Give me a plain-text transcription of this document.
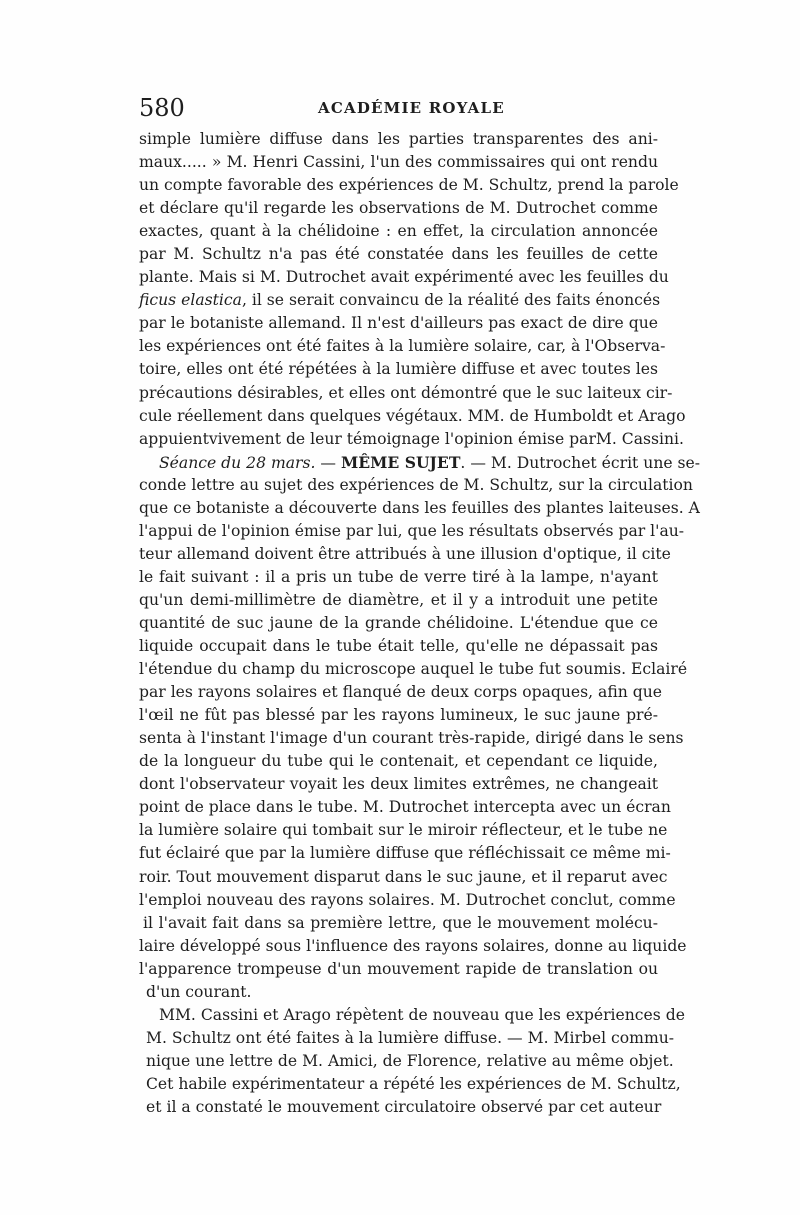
580	ACADÉMIE ROYALE
simple lumière diffuse dans les parties transparentes des ani-
maux..... » M. Henri Cassini, l'un des commissaires qui ont rendu
un compte favorable des expériences de M. Schultz, prend la parole
et déclare qu'il regarde les observations de M. Dutrochet comme
exactes, quant à la chélidoine : en effet, la circulation annoncée
par M. Schultz n'a pas été constatée dans les feuilles de cette
plante. Mais si M. Dutrochet avait expérimenté avec les feuilles du
ficus elastica, il se serait convaincu de la réalité des faits énoncés
par le botaniste allemand. Il n'est d'ailleurs pas exact de dire que
les expériences ont été faites à la lumière solaire, car, à l'Observa-
toire, elles ont été répétées à la lumière diffuse et avec toutes les
précautions désirables, et elles ont démontré que le suc laiteux cir-
cule réellement dans quelques végétaux. MM. de Humboldt et Arago
appuientvivement de leur témoignage l'opinion émise parM. Cassini.
Séance du 28 mars. — MÊME SUJET. — M. Dutrochet écrit une se-
conde lettre au sujet des expériences de M. Schultz, sur la circulation
que ce botaniste a découverte dans les feuilles des plantes laiteuses. A
l'appui de l'opinion émise par lui, que les résultats observés par l'au-
teur allemand doivent être attribués à une illusion d'optique, il cite
le fait suivant : il a pris un tube de verre tiré à la lampe, n'ayant
qu'un demi-millimètre de diamètre, et il y a introduit une petite
quantité de suc jaune de la grande chélidoine. L'étendue que ce
liquide occupait dans le tube était telle, qu'elle ne dépassait pas
l'étendue du champ du microscope auquel le tube fut soumis. Eclairé
par les rayons solaires et flanqué de deux corps opaques, afin que
l'œil ne fût pas blessé par les rayons lumineux, le suc jaune pré-
senta à l'instant l'image d'un courant très-rapide, dirigé dans le sens
de la longueur du tube qui le contenait, et cependant ce liquide,
dont l'observateur voyait les deux limites extrêmes, ne changeait
point de place dans le tube. M. Dutrochet intercepta avec un écran
la lumière solaire qui tombait sur le miroir réflecteur, et le tube ne
fut éclairé que par la lumière diffuse que réfléchissait ce même mi-
roir. Tout mouvement disparut dans le suc jaune, et il reparut avec
l'emploi nouveau des rayons solaires. M. Dutrochet conclut, comme
il l'avait fait dans sa première lettre, que le mouvement molécu-
laire développé sous l'influence des rayons solaires, donne au liquide
l'apparence trompeuse d'un mouvement rapide de translation ou
d'un courant.
MM. Cassini et Arago répètent de nouveau que les expériences de
M. Schultz ont été faites à la lumière diffuse. — M. Mirbel commu-
nique une lettre de M. Amici, de Florence, relative au même objet.
Cet habile expérimentateur a répété les expériences de M. Schultz,
et il a constaté le mouvement circulatoire observé par cet auteur
